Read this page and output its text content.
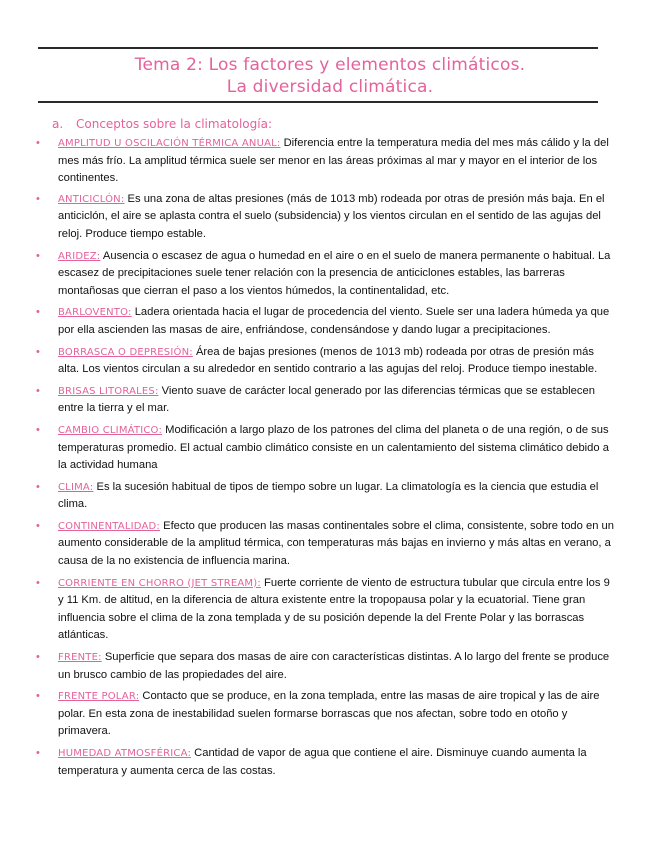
Tema 2: Los factores y elementos climáticos.
La diversidad climática.
a. Conceptos sobre la climatología:
• AMPLITUD U OSCILACIÓN TÉRMICA ANUAL: Diferencia entre la temperatura media del mes más cálido y la del mes más frío. La amplitud térmica suele ser menor en las áreas próximas al mar y mayor en el interior de los continentes.
• ANTICICLÓN: Es una zona de altas presiones (más de 1013 mb) rodeada por otras de presión más baja. En el anticiclón, el aire se aplasta contra el suelo (subsidencia) y los vientos circulan en el sentido de las agujas del reloj. Produce tiempo estable.
• ARIDEZ: Ausencia o escasez de agua o humedad en el aire o en el suelo de manera permanente o habitual. La escasez de precipitaciones suele tener relación con la presencia de anticiclones estables, las barreras montañosas que cierran el paso a los vientos húmedos, la continentalidad, etc.
• BARLOVENTO: Ladera orientada hacia el lugar de procedencia del viento. Suele ser una ladera húmeda ya que por ella ascienden las masas de aire, enfriándose, condensándose y dando lugar a precipitaciones.
• BORRASCA O DEPRESIÓN: Área de bajas presiones (menos de 1013 mb) rodeada por otras de presión más alta. Los vientos circulan a su alrededor en sentido contrario a las agujas del reloj. Produce tiempo inestable.
• BRISAS LITORALES: Viento suave de carácter local generado por las diferencias térmicas que se establecen entre la tierra y el mar.
• CAMBIO CLIMÁTICO: Modificación a largo plazo de los patrones del clima del planeta o de una región, o de sus temperaturas promedio. El actual cambio climático consiste en un calentamiento del sistema climático debido a la actividad humana
• CLIMA: Es la sucesión habitual de tipos de tiempo sobre un lugar. La climatología es la ciencia que estudia el clima.
• CONTINENTALIDAD: Efecto que producen las masas continentales sobre el clima, consistente, sobre todo en un aumento considerable de la amplitud térmica, con temperaturas más bajas en invierno y más altas en verano, a causa de la no existencia de influencia marina.
• CORRIENTE EN CHORRO (JET STREAM): Fuerte corriente de viento de estructura tubular que circula entre los 9 y 11 Km. de altitud, en la diferencia de altura existente entre la tropopausa polar y la ecuatorial. Tiene gran influencia sobre el clima de la zona templada y de su posición depende la del Frente Polar y las borrascas atlánticas.
• FRENTE: Superficie que separa dos masas de aire con características distintas. A lo largo del frente se produce un brusco cambio de las propiedades del aire.
• FRENTE POLAR: Contacto que se produce, en la zona templada, entre las masas de aire tropical y las de aire polar. En esta zona de inestabilidad suelen formarse borrascas que nos afectan, sobre todo en otoño y primavera.
• HUMEDAD ATMOSFÉRICA: Cantidad de vapor de agua que contiene el aire. Disminuye cuando aumenta la temperatura y aumenta cerca de las costas.
